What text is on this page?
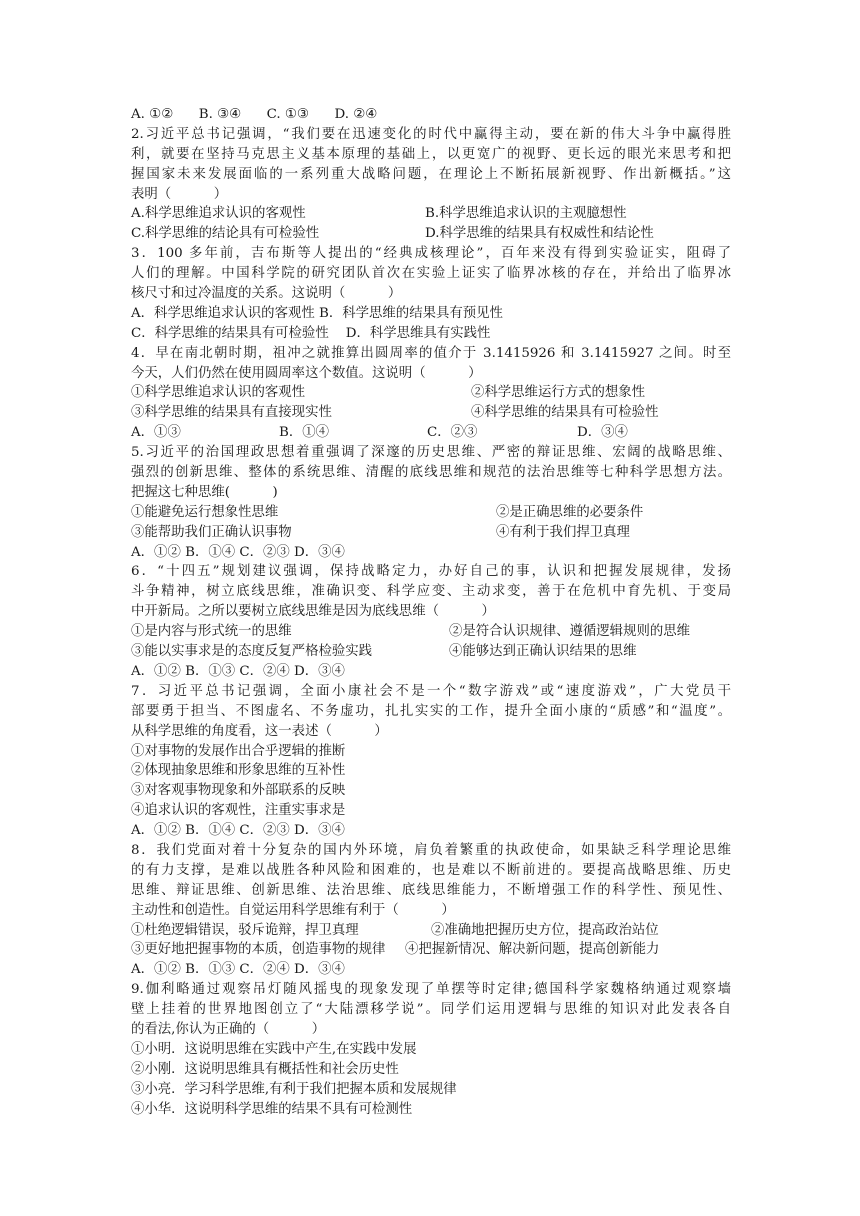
A. ①②      B. ③④      C. ①③      D. ②④
2.习近平总书记强调，“我们要在迅速变化的时代中赢得主动，要在新的伟大斗争中赢得胜
利，就要在坚持马克思主义基本原理的基础上，以更宽广的视野、更长远的眼光来思考和把
握国家未来发展面临的一系列重大战略问题，在理论上不断拓展新视野、作出新概括。”这
表明（          ）
A.科学思维追求认识的客观性	B.科学思维追求认识的主观臆想性
C.科学思维的结论具有可检验性	D.科学思维的结果具有权威性和结论性
3．100 多年前，吉布斯等人提出的“经典成核理论”，百年来没有得到实验证实，阻碍了
人们的理解。中国科学院的研究团队首次在实验上证实了临界冰核的存在，并给出了临界冰
核尺寸和过冷温度的关系。这说明（          ）
A．科学思维追求认识的客观性 B．科学思维的结果具有预见性
C．科学思维的结果具有可检验性    D．科学思维具有实践性
4．早在南北朝时期，祖冲之就推算出圆周率的值介于 3.1415926 和 3.1415927 之间。时至
今天，人们仍然在使用圆周率这个数值。这说明（          ）
①科学思维追求认识的客观性	②科学思维运行方式的想象性
③科学思维的结果具有直接现实性	④科学思维的结果具有可检验性
A．①③	B．①④	C．②③	D．③④
5.习近平的治国理政思想着重强调了深邃的历史思维、严密的辩证思维、宏阔的战略思维、
强烈的创新思维、整体的系统思维、清醒的底线思维和规范的法治思维等七种科学思想方法。
把握这七种思维(          )
①能避免运行想象性思维	②是正确思维的必要条件
③能帮助我们正确认识事物	④有利于我们捍卫真理
A．①② B．①④ C．②③ D．③④
6．“十四五”规划建议强调，保持战略定力，办好自己的事，认识和把握发展规律，发扬
斗争精神，树立底线思维，准确识变、科学应变、主动求变，善于在危机中育先机、于变局
中开新局。之所以要树立底线思维是因为底线思维（          ）
①是内容与形式统一的思维	②是符合认识规律、遵循逻辑规则的思维
③能以实事求是的态度反复严格检验实践	④能够达到正确认识结果的思维
A．①② B．①③ C．②④ D．③④
7．习近平总书记强调，全面小康社会不是一个“数字游戏”或“速度游戏”，广大党员干
部要勇于担当、不图虚名、不务虚功，扎扎实实的工作，提升全面小康的“质感”和“温度”。
从科学思维的角度看，这一表述（          ）
①对事物的发展作出合乎逻辑的推断
②体现抽象思维和形象思维的互补性
③对客观事物现象和外部联系的反映
④追求认识的客观性，注重实事求是
A．①② B．①④ C．②③ D．③④
8．我们党面对着十分复杂的国内外环境，肩负着繁重的执政使命，如果缺乏科学理论思维
的有力支撑，是难以战胜各种风险和困难的，也是难以不断前进的。要提高战略思维、历史
思维、辩证思维、创新思维、法治思维、底线思维能力，不断增强工作的科学性、预见性、
主动性和创造性。自觉运用科学思维有利于（          ）
①杜绝逻辑错误，驳斥诡辩，捍卫真理	②准确地把握历史方位，提高政治站位
③更好地把握事物的本质，创造事物的规律	④把握新情况、解决新问题，提高创新能力
A．①② B．①③ C．②④ D．③④
9.伽利略通过观察吊灯随风摇曳的现象发现了单摆等时定律;德国科学家魏格纳通过观察墙
壁上挂着的世界地图创立了“大陆漂移学说”。同学们运用逻辑与思维的知识对此发表各自
的看法,你认为正确的（          ）
①小明．这说明思维在实践中产生,在实践中发展
②小刚．这说明思维具有概括性和社会历史性
③小亮．学习科学思维,有利于我们把握本质和发展规律
④小华．这说明科学思维的结果不具有可检测性
